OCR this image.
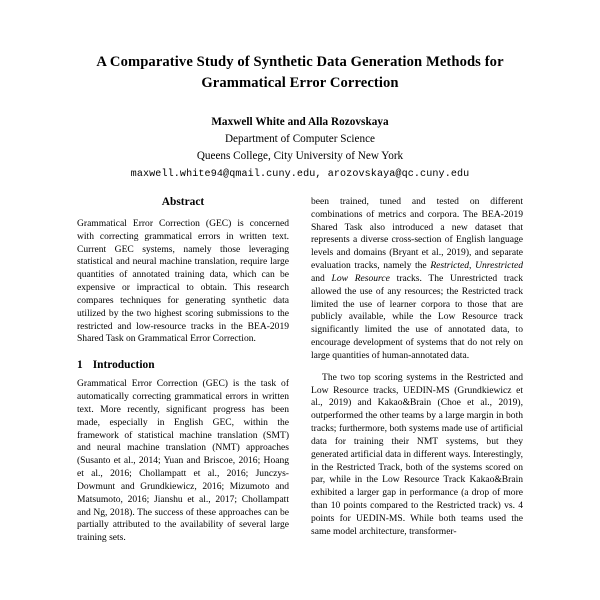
A Comparative Study of Synthetic Data Generation Methods for Grammatical Error Correction
Maxwell White and Alla Rozovskaya
Department of Computer Science
Queens College, City University of New York
maxwell.white94@qmail.cuny.edu, arozovskaya@qc.cuny.edu
Abstract

Grammatical Error Correction (GEC) is concerned with correcting grammatical errors in written text. Current GEC systems, namely those leveraging statistical and neural machine translation, require large quantities of annotated training data, which can be expensive or impractical to obtain. This research compares techniques for generating synthetic data utilized by the two highest scoring submissions to the restricted and low-resource tracks in the BEA-2019 Shared Task on Grammatical Error Correction.

1 Introduction

Grammatical Error Correction (GEC) is the task of automatically correcting grammatical errors in written text. More recently, significant progress has been made, especially in English GEC, within the framework of statistical machine translation (SMT) and neural machine translation (NMT) approaches (Susanto et al., 2014; Yuan and Briscoe, 2016; Hoang et al., 2016; Chollampatt et al., 2016; Junczys-Dowmunt and Grundkiewicz, 2016; Mizumoto and Matsumoto, 2016; Jianshu et al., 2017; Chollampatt and Ng, 2018). The success of these approaches can be partially attributed to the availability of several large training sets.

been trained, tuned and tested on different combinations of metrics and corpora. The BEA-2019 Shared Task also introduced a new dataset that represents a diverse cross-section of English language levels and domains (Bryant et al., 2019), and separate evaluation tracks, namely the Restricted, Unrestricted and Low Resource tracks. The Unrestricted track allowed the use of any resources; the Restricted track limited the use of learner corpora to those that are publicly available, while the Low Resource track significantly limited the use of annotated data, to encourage development of systems that do not rely on large quantities of human-annotated data.

The two top scoring systems in the Restricted and Low Resource tracks, UEDIN-MS (Grundkiewicz et al., 2019) and Kakao&Brain (Choe et al., 2019), outperformed the other teams by a large margin in both tracks; furthermore, both systems made use of artificial data for training their NMT systems, but they generated artificial data in different ways. Interestingly, in the Restricted Track, both of the systems scored on par, while in the Low Resource Track Kakao&Brain exhibited a larger gap in performance (a drop of more than 10 points compared to the Restricted track) vs. 4 points for UEDIN-MS. While both teams used the same model architecture, transformer-
